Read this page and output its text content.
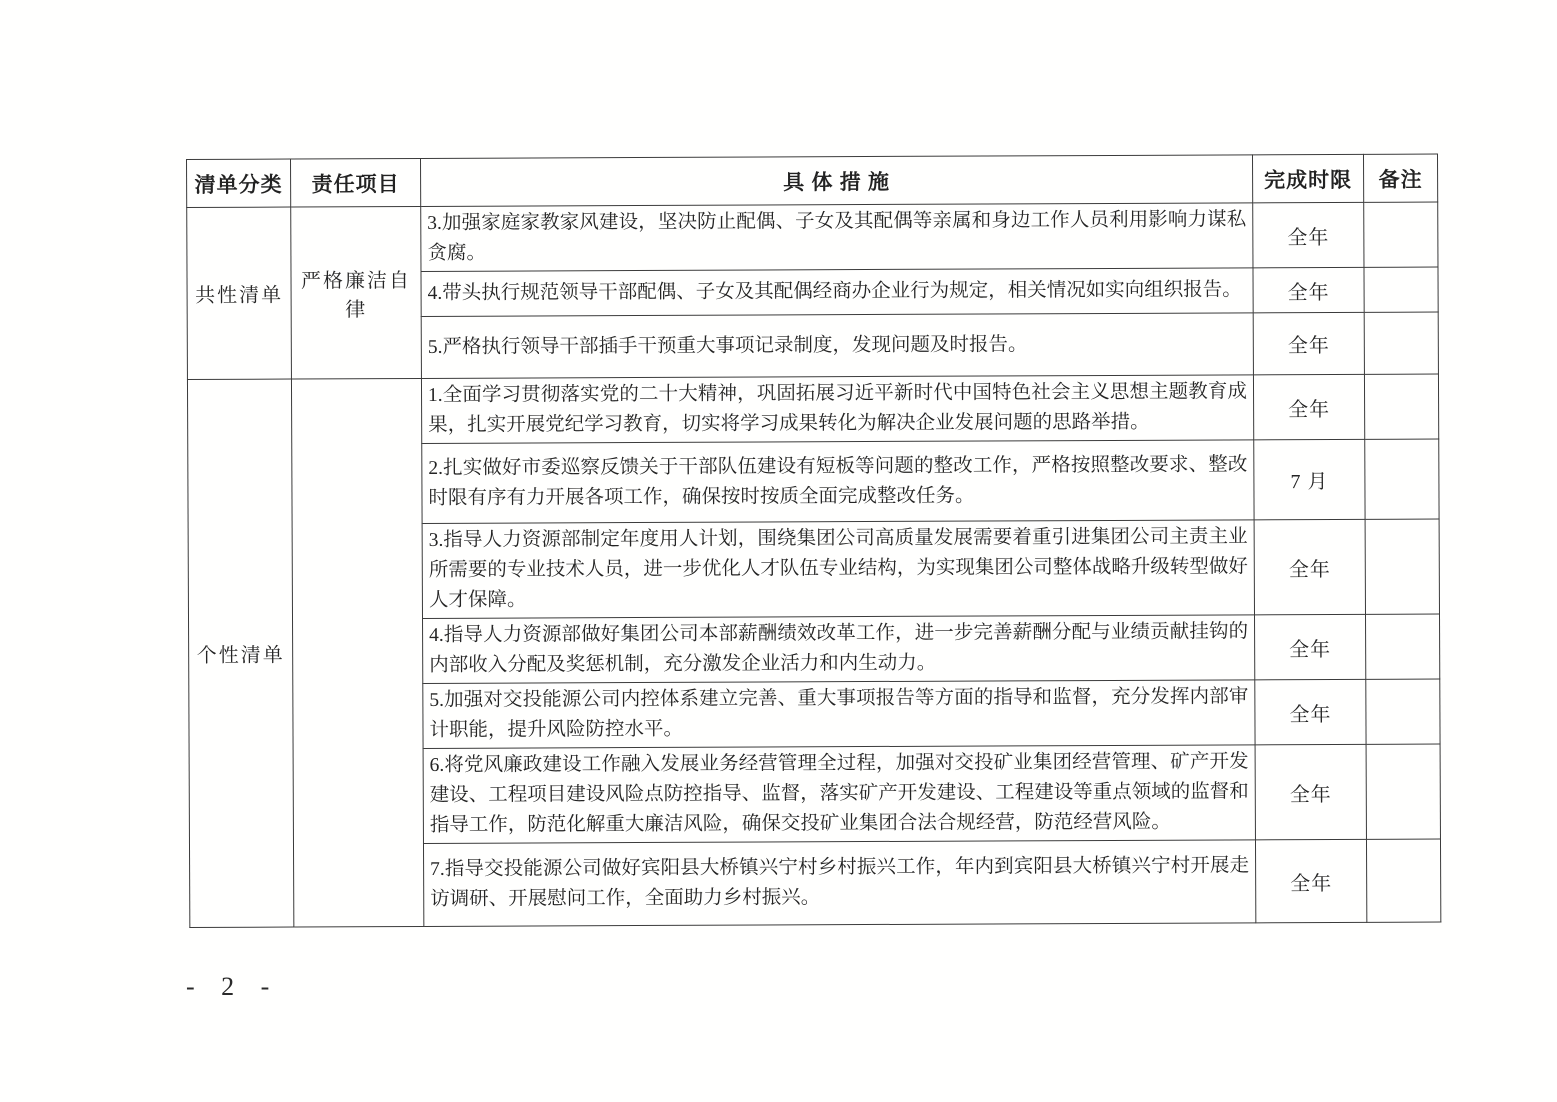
清单分类	责任项目	具 体 措 施	完成时限	备注
共性清单	严格廉洁自律	3.加强家庭家教家风建设，坚决防止配偶、子女及其配偶等亲属和身边工作人员利用影响力谋私贪腐。	全年	
		4.带头执行规范领导干部配偶、子女及其配偶经商办企业行为规定，相关情况如实向组织报告。	全年	
		5.严格执行领导干部插手干预重大事项记录制度，发现问题及时报告。	全年	
个性清单		1.全面学习贯彻落实党的二十大精神，巩固拓展习近平新时代中国特色社会主义思想主题教育成果，扎实开展党纪学习教育，切实将学习成果转化为解决企业发展问题的思路举措。	全年	
		2.扎实做好市委巡察反馈关于干部队伍建设有短板等问题的整改工作，严格按照整改要求、整改时限有序有力开展各项工作，确保按时按质全面完成整改任务。	7 月	
		3.指导人力资源部制定年度用人计划，围绕集团公司高质量发展需要着重引进集团公司主责主业所需要的专业技术人员，进一步优化人才队伍专业结构，为实现集团公司整体战略升级转型做好人才保障。	全年	
		4.指导人力资源部做好集团公司本部薪酬绩效改革工作，进一步完善薪酬分配与业绩贡献挂钩的内部收入分配及奖惩机制，充分激发企业活力和内生动力。	全年	
		5.加强对交投能源公司内控体系建立完善、重大事项报告等方面的指导和监督，充分发挥内部审计职能，提升风险防控水平。	全年	
		6.将党风廉政建设工作融入发展业务经营管理全过程，加强对交投矿业集团经营管理、矿产开发建设、工程项目建设风险点防控指导、监督，落实矿产开发建设、工程建设等重点领域的监督和指导工作，防范化解重大廉洁风险，确保交投矿业集团合法合规经营，防范经营风险。	全年	
		7.指导交投能源公司做好宾阳县大桥镇兴宁村乡村振兴工作，年内到宾阳县大桥镇兴宁村开展走访调研、开展慰问工作，全面助力乡村振兴。	全年	
- 2 -
